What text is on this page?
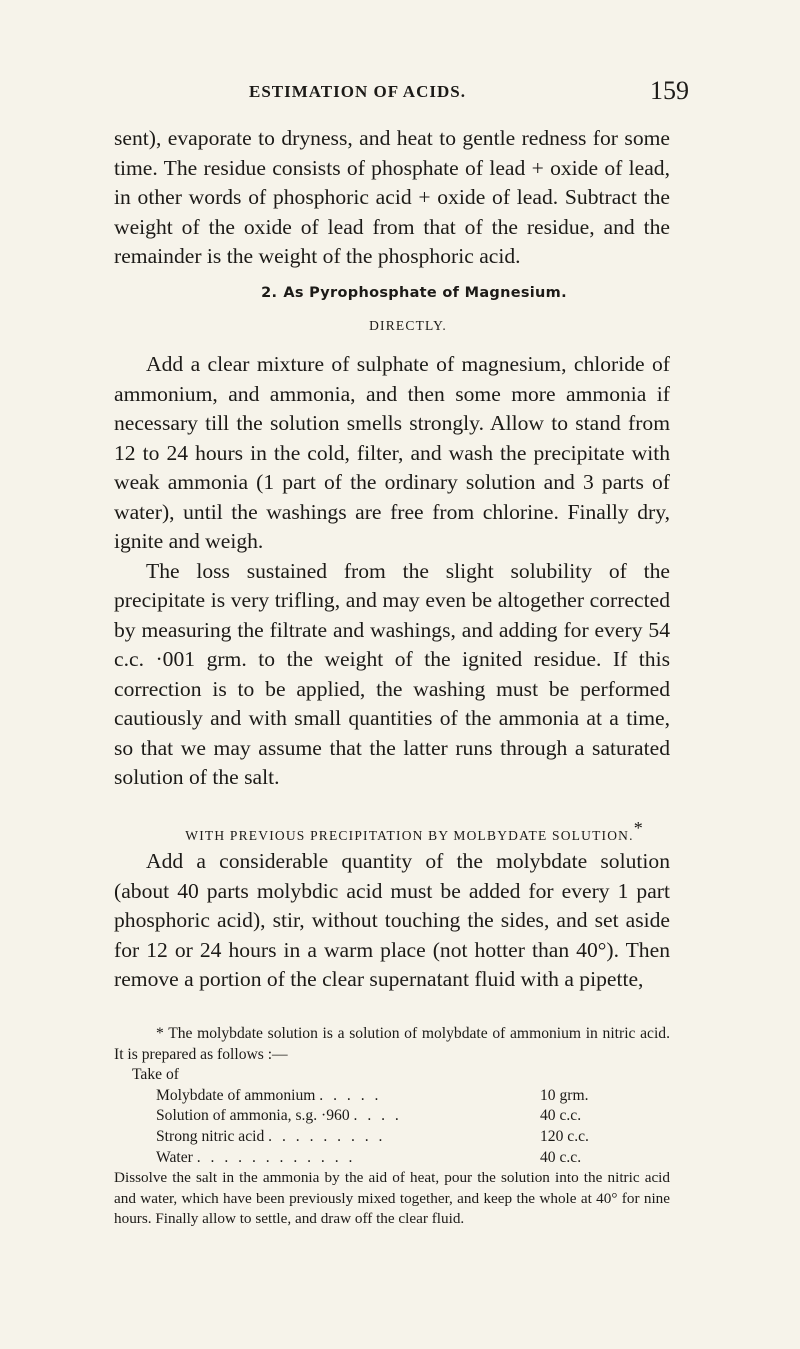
ESTIMATION OF ACIDS.	159

sent), evaporate to dryness, and heat to gentle redness for some time. The residue consists of phosphate of lead + oxide of lead, in other words of phosphoric acid + oxide of lead. Subtract the weight of the oxide of lead from that of the residue, and the remainder is the weight of the phosphoric acid.

2. As Pyrophosphate of Magnesium.
DIRECTLY.

Add a clear mixture of sulphate of magnesium, chloride of ammonium, and ammonia, and then some more ammonia if necessary till the solution smells strongly. Allow to stand from 12 to 24 hours in the cold, filter, and wash the precipitate with weak ammonia (1 part of the ordinary solution and 3 parts of water), until the washings are free from chlorine. Finally dry, ignite and weigh.

The loss sustained from the slight solubility of the precipitate is very trifling, and may even be altogether corrected by measuring the filtrate and washings, and adding for every 54 c.c. ·001 grm. to the weight of the ignited residue. If this correction is to be applied, the washing must be performed cautiously and with small quantities of the ammonia at a time, so that we may assume that the latter runs through a saturated solution of the salt.

WITH PREVIOUS PRECIPITATION BY MOLBYDATE SOLUTION.*

Add a considerable quantity of the molybdate solution (about 40 parts molybdic acid must be added for every 1 part phosphoric acid), stir, without touching the sides, and set aside for 12 or 24 hours in a warm place (not hotter than 40°). Then remove a portion of the clear supernatant fluid with a pipette,

* The molybdate solution is a solution of molybdate of ammonium in nitric acid. It is prepared as follows :—

Take of

Molybdate of ammonium . . . . .	10 grm.
Solution of ammonia, s.g. ·960 . . . .	40 c.c.
Strong nitric acid . . . . . . . . .	120 c.c.
Water . . . . . . . . . . . .	40 c.c.

Dissolve the salt in the ammonia by the aid of heat, pour the solution into the nitric acid and water, which have been previously mixed together, and keep the whole at 40° for nine hours. Finally allow to settle, and draw off the clear fluid.
